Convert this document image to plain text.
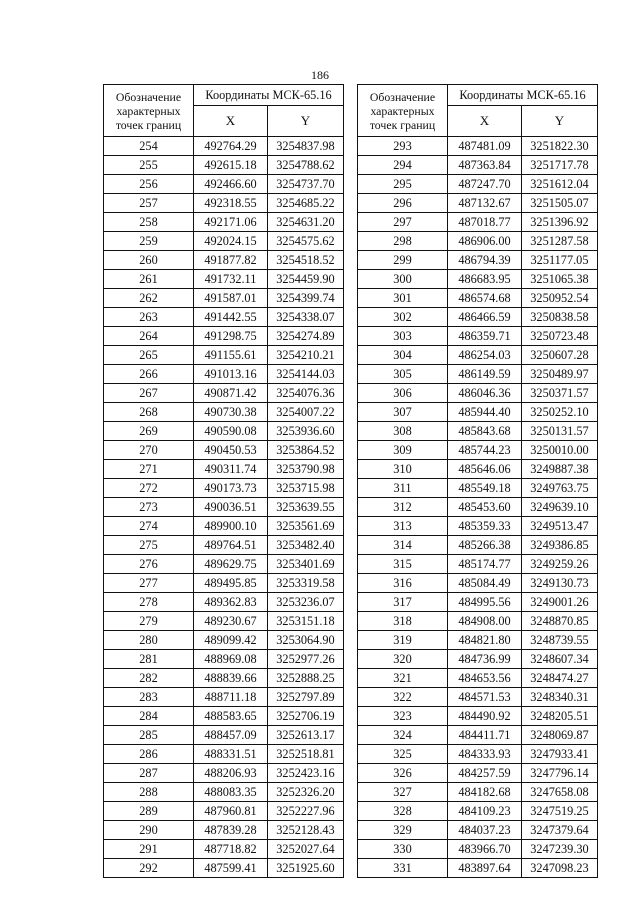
186
Обозначение характерных точек границ	Координаты МСК-65.16	
	X	Y
254	492764.29	3254837.98
255	492615.18	3254788.62
256	492466.60	3254737.70
257	492318.55	3254685.22
258	492171.06	3254631.20
259	492024.15	3254575.62
260	491877.82	3254518.52
261	491732.11	3254459.90
262	491587.01	3254399.74
263	491442.55	3254338.07
264	491298.75	3254274.89
265	491155.61	3254210.21
266	491013.16	3254144.03
267	490871.42	3254076.36
268	490730.38	3254007.22
269	490590.08	3253936.60
270	490450.53	3253864.52
271	490311.74	3253790.98
272	490173.73	3253715.98
273	490036.51	3253639.55
274	489900.10	3253561.69
275	489764.51	3253482.40
276	489629.75	3253401.69
277	489495.85	3253319.58
278	489362.83	3253236.07
279	489230.67	3253151.18
280	489099.42	3253064.90
281	488969.08	3252977.26
282	488839.66	3252888.25
283	488711.18	3252797.89
284	488583.65	3252706.19
285	488457.09	3252613.17
286	488331.51	3252518.81
287	488206.93	3252423.16
288	488083.35	3252326.20
289	487960.81	3252227.96
290	487839.28	3252128.43
291	487718.82	3252027.64
292	487599.41	3251925.60
Обозначение характерных точек границ	Координаты МСК-65.16	
	X	Y
293	487481.09	3251822.30
294	487363.84	3251717.78
295	487247.70	3251612.04
296	487132.67	3251505.07
297	487018.77	3251396.92
298	486906.00	3251287.58
299	486794.39	3251177.05
300	486683.95	3251065.38
301	486574.68	3250952.54
302	486466.59	3250838.58
303	486359.71	3250723.48
304	486254.03	3250607.28
305	486149.59	3250489.97
306	486046.36	3250371.57
307	485944.40	3250252.10
308	485843.68	3250131.57
309	485744.23	3250010.00
310	485646.06	3249887.38
311	485549.18	3249763.75
312	485453.60	3249639.10
313	485359.33	3249513.47
314	485266.38	3249386.85
315	485174.77	3249259.26
316	485084.49	3249130.73
317	484995.56	3249001.26
318	484908.00	3248870.85
319	484821.80	3248739.55
320	484736.99	3248607.34
321	484653.56	3248474.27
322	484571.53	3248340.31
323	484490.92	3248205.51
324	484411.71	3248069.87
325	484333.93	3247933.41
326	484257.59	3247796.14
327	484182.68	3247658.08
328	484109.23	3247519.25
329	484037.23	3247379.64
330	483966.70	3247239.30
331	483897.64	3247098.23
